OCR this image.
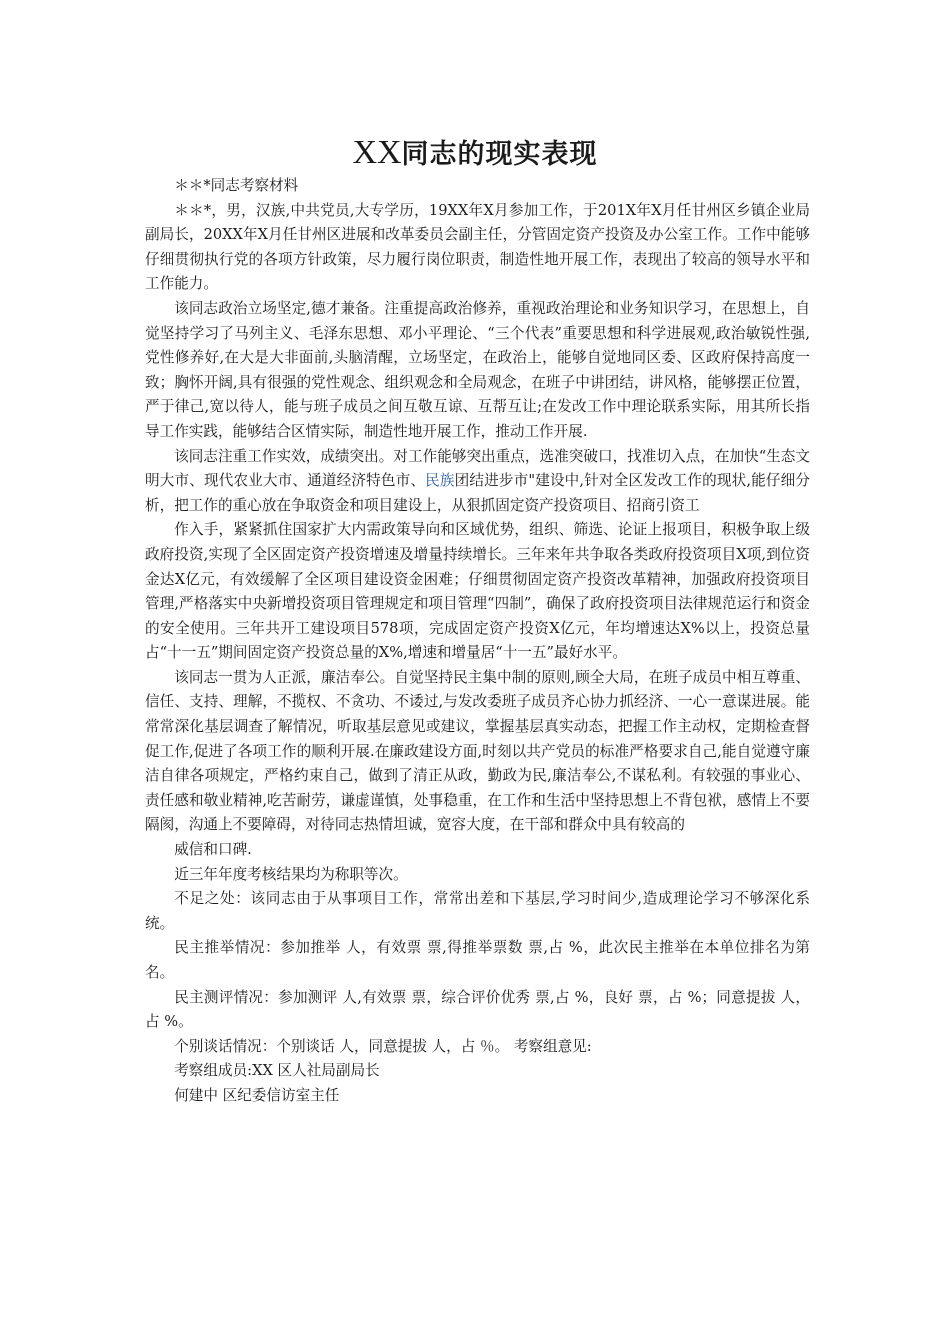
XX同志的现实表现

＊＊*同志考察材料

＊＊*，男，汉族,中共党员,大专学历，19XX年X月参加工作，于201X年X月任甘州区乡镇企业局副局长，20XX年X月任甘州区进展和改革委员会副主任，分管固定资产投资及办公室工作。工作中能够仔细贯彻执行党的各项方针政策，尽力履行岗位职责，制造性地开展工作，表现出了较高的领导水平和工作能力。

该同志政治立场坚定,德才兼备。注重提高政治修养，重视政治理论和业务知识学习，在思想上，自觉坚持学习了马列主义、毛泽东思想、邓小平理论、“三个代表”重要思想和科学进展观,政治敏锐性强,党性修养好,在大是大非面前,头脑清醒，立场坚定，在政治上，能够自觉地同区委、区政府保持高度一致；胸怀开阔,具有很强的党性观念、组织观念和全局观念，在班子中讲团结，讲风格，能够摆正位置，严于律己,宽以待人，能与班子成员之间互敬互谅、互帮互让;在发改工作中理论联系实际，用其所长指导工作实践，能够结合区情实际，制造性地开展工作，推动工作开展.

该同志注重工作实效，成绩突出。对工作能够突出重点，选准突破口，找准切入点，在加快“生态文明大市、现代农业大市、通道经济特色市、民族团结进步市"建设中,针对全区发改工作的现状,能仔细分析，把工作的重心放在争取资金和项目建设上，从狠抓固定资产投资项目、招商引资工

作入手，紧紧抓住国家扩大内需政策导向和区域优势，组织、筛选、论证上报项目，积极争取上级政府投资,实现了全区固定资产投资增速及增量持续增长。三年来年共争取各类政府投资项目X项,到位资金达X亿元，有效缓解了全区项目建设资金困难；仔细贯彻固定资产投资改革精神，加强政府投资项目管理,严格落实中央新增投资项目管理规定和项目管理“四制”，确保了政府投资项目法律规范运行和资金的安全使用。三年共开工建设项目578项，完成固定资产投资X亿元，年均增速达X%以上，投资总量占“十一五”期间固定资产投资总量的X%,增速和增量居“十一五”最好水平。

该同志一贯为人正派，廉洁奉公。自觉坚持民主集中制的原则,顾全大局，在班子成员中相互尊重、信任、支持、理解，不揽权、不贪功、不诿过,与发改委班子成员齐心协力抓经济、一心一意谋进展。能常常深化基层调查了解情况，听取基层意见或建议，掌握基层真实动态，把握工作主动权，定期检查督促工作,促进了各项工作的顺利开展.在廉政建设方面,时刻以共产党员的标准严格要求自己,能自觉遵守廉洁自律各项规定，严格约束自己，做到了清正从政，勤政为民,廉洁奉公,不谋私利。有较强的事业心、责任感和敬业精神,吃苦耐劳，谦虚谨慎，处事稳重，在工作和生活中坚持思想上不背包袱，感情上不要隔阂，沟通上不要障碍，对待同志热情坦诚，宽容大度，在干部和群众中具有较高的

威信和口碑.

近三年年度考核结果均为称职等次。

不足之处：该同志由于从事项目工作，常常出差和下基层,学习时间少,造成理论学习不够深化系统。

民主推举情况：参加推举 人，有效票 票,得推举票数 票,占 %，此次民主推举在本单位排名为第 名。

民主测评情况：参加测评 人,有效票 票，综合评价优秀 票,占 %，良好 票，占 %；同意提拔 人，占 %。

个别谈话情况：个别谈话 人，同意提拔 人，占 ％。 考察组意见:

考察组成员:XX 区人社局副局长

何建中 区纪委信访室主任
